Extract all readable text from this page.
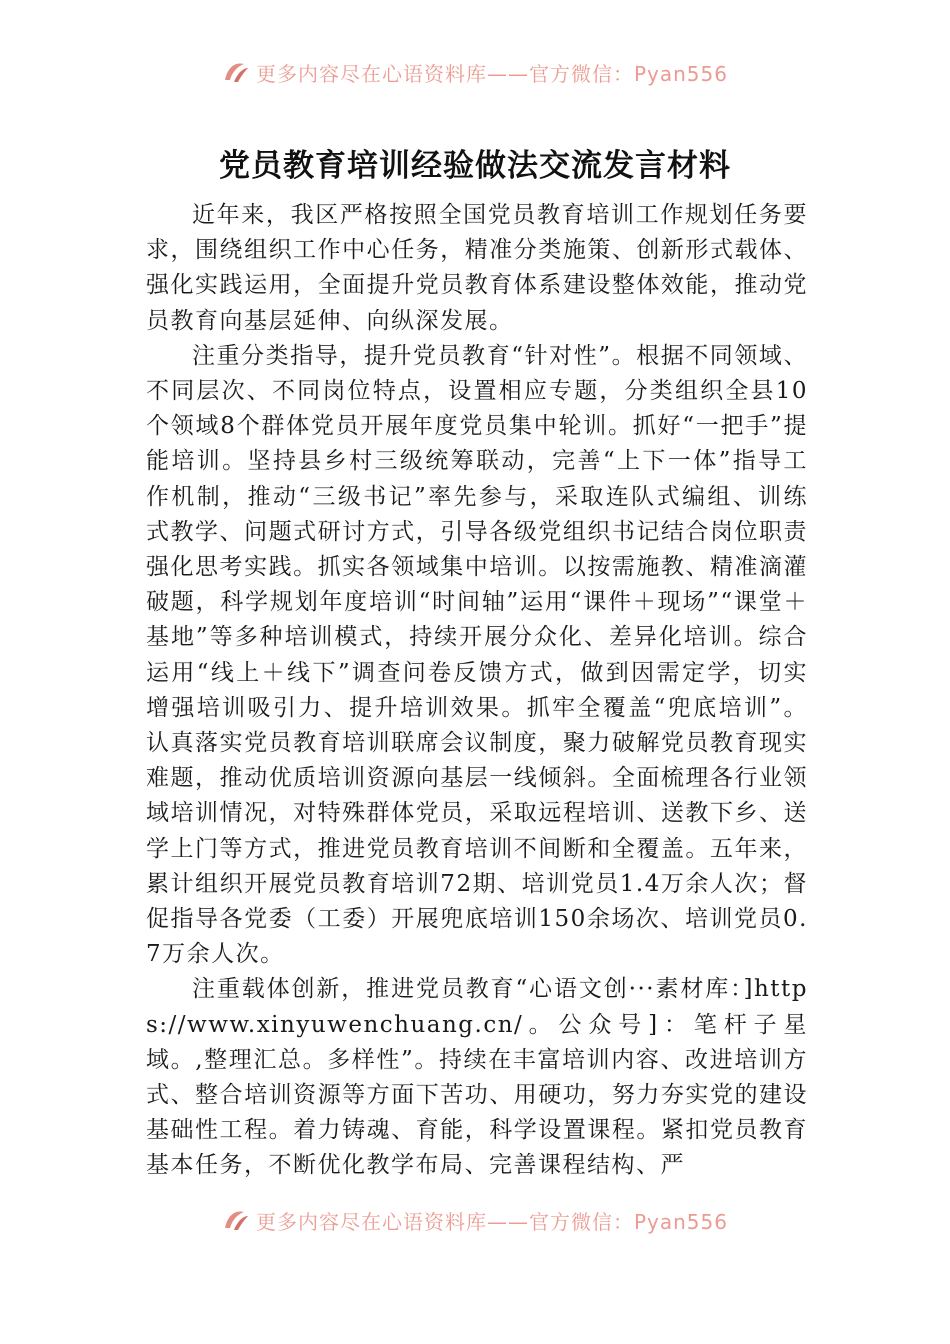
更多内容尽在心语资料库——官方微信：Pyan556
党员教育培训经验做法交流发言材料

近年来，我区严格按照全国党员教育培训工作规划任务要求，围绕组织工作中心任务，精准分类施策、创新形式载体、强化实践运用，全面提升党员教育体系建设整体效能，推动党员教育向基层延伸、向纵深发展。

注重分类指导，提升党员教育“针对性”。根据不同领域、不同层次、不同岗位特点，设置相应专题，分类组织全县10个领域8个群体党员开展年度党员集中轮训。抓好“一把手”提能培训。坚持县乡村三级统筹联动，完善“上下一体”指导工作机制，推动“三级书记”率先参与，采取连队式编组、训练式教学、问题式研讨方式，引导各级党组织书记结合岗位职责强化思考实践。抓实各领域集中培训。以按需施教、精准滴灌破题，科学规划年度培训“时间轴”运用“课件＋现场”“课堂＋基地”等多种培训模式，持续开展分众化、差异化培训。综合运用“线上＋线下”调查问卷反馈方式，做到因需定学，切实增强培训吸引力、提升培训效果。抓牢全覆盖“兜底培训”。认真落实党员教育培训联席会议制度，聚力破解党员教育现实难题，推动优质培训资源向基层一线倾斜。全面梳理各行业领域培训情况，对特殊群体党员，采取远程培训、送教下乡、送学上门等方式，推进党员教育培训不间断和全覆盖。五年来，累计组织开展党员教育培训72期、培训党员1.4万余人次；督促指导各党委（工委）开展兜底培训150余场次、培训党员0.7万余人次。

注重载体创新，推进党员教育“心语文创···素材库：]https://www.xinyuwenchuang.cn/。公众号]：笔杆子星域。,整理汇总。多样性”。持续在丰富培训内容、改进培训方式、整合培训资源等方面下苦功、用硬功，努力夯实党的建设基础性工程。着力铸魂、育能，科学设置课程。紧扣党员教育基本任务，不断优化教学布局、完善课程结构、严

更多内容尽在心语资料库——官方微信：Pyan556
